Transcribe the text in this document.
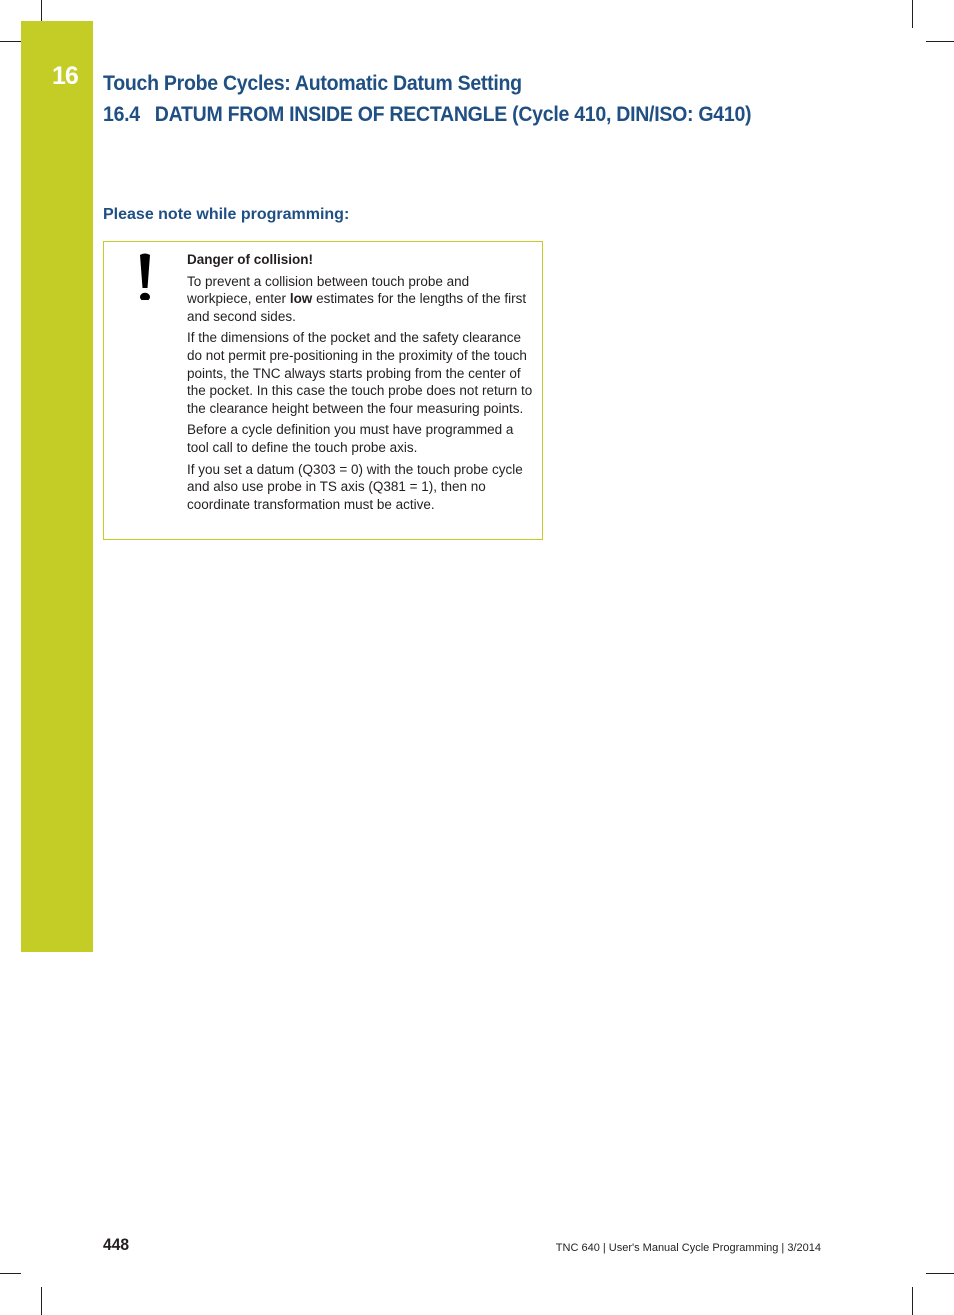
16 Touch Probe Cycles: Automatic Datum Setting
16.4 DATUM FROM INSIDE OF RECTANGLE (Cycle 410, DIN/ISO: G410)
Please note while programming:

Danger of collision!

To prevent a collision between touch probe and workpiece, enter low estimates for the lengths of the first and second sides.

If the dimensions of the pocket and the safety clearance do not permit pre-positioning in the proximity of the touch points, the TNC always starts probing from the center of the pocket. In this case the touch probe does not return to the clearance height between the four measuring points.

Before a cycle definition you must have programmed a tool call to define the touch probe axis.

If you set a datum (Q303 = 0) with the touch probe cycle and also use probe in TS axis (Q381 = 1), then no coordinate transformation must be active.

448	TNC 640 | User's Manual Cycle Programming | 3/2014
